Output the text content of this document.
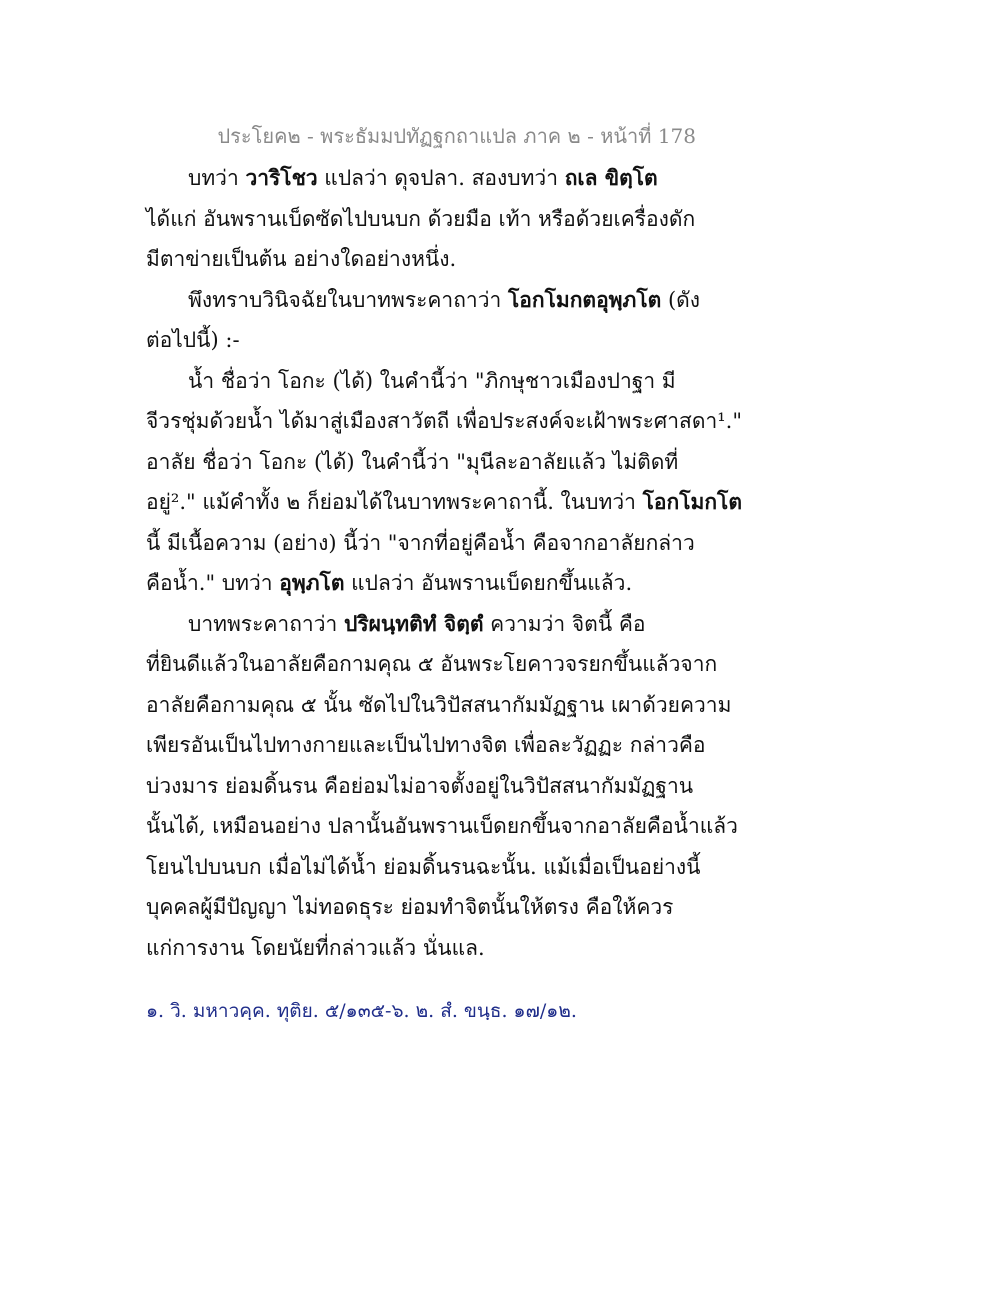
ประโยค๒ - พระธัมมปทัฏฐกถาแปล ภาค ๒ - หน้าที่ 178
บทว่า วาริโชว แปลว่า ดุจปลา. สองบทว่า ถเล ขิตฺโต
ได้แก่ อันพรานเบ็ดซัดไปบนบก ด้วยมือ เท้า หรือด้วยเครื่องดัก
มีตาข่ายเป็นต้น อย่างใดอย่างหนึ่ง.
พึงทราบวินิจฉัยในบาทพระคาถาว่า โอกโมกตอุพฺภโต (ดัง
ต่อไปนี้) :-
น้ำ ชื่อว่า โอกะ (ได้) ในคำนี้ว่า "ภิกษุชาวเมืองปาฐา มี
จีวรชุ่มด้วยน้ำ ได้มาสู่เมืองสาวัตถี เพื่อประสงค์จะเฝ้าพระศาสดา¹."
อาลัย ชื่อว่า โอกะ (ได้) ในคำนี้ว่า "มุนีละอาลัยแล้ว ไม่ติดที่
อยู่²." แม้คำทั้ง ๒ ก็ย่อมได้ในบาทพระคาถานี้. ในบทว่า โอกโมกโต
นี้ มีเนื้อความ (อย่าง) นี้ว่า "จากที่อยู่คือน้ำ คือจากอาลัยกล่าว
คือน้ำ." บทว่า อุพฺภโต แปลว่า อันพรานเบ็ดยกขึ้นแล้ว.
บาทพระคาถาว่า ปริผนฺทติทํ จิตฺตํ ความว่า จิตนี้ คือ
ที่ยินดีแล้วในอาลัยคือกามคุณ ๕ อันพระโยคาวจรยกขึ้นแล้วจาก
อาลัยคือกามคุณ ๕ นั้น ซัดไปในวิปัสสนากัมมัฏฐาน เผาด้วยความ
เพียรอันเป็นไปทางกายและเป็นไปทางจิต เพื่อละวัฏฏะ กล่าวคือ
บ่วงมาร ย่อมดิ้นรน คือย่อมไม่อาจตั้งอยู่ในวิปัสสนากัมมัฏฐาน
นั้นได้, เหมือนอย่าง ปลานั้นอันพรานเบ็ดยกขึ้นจากอาลัยคือน้ำแล้ว
โยนไปบนบก เมื่อไม่ได้น้ำ ย่อมดิ้นรนฉะนั้น. แม้เมื่อเป็นอย่างนี้
บุคคลผู้มีปัญญา ไม่ทอดธุระ ย่อมทำจิตนั้นให้ตรง คือให้ควร
แก่การงาน โดยนัยที่กล่าวแล้ว นั่นแล.
๑. วิ. มหาวคฺค. ทุติย. ๕/๑๓๕-๖. ๒. สํ. ขนฺธ. ๑๗/๑๒.
